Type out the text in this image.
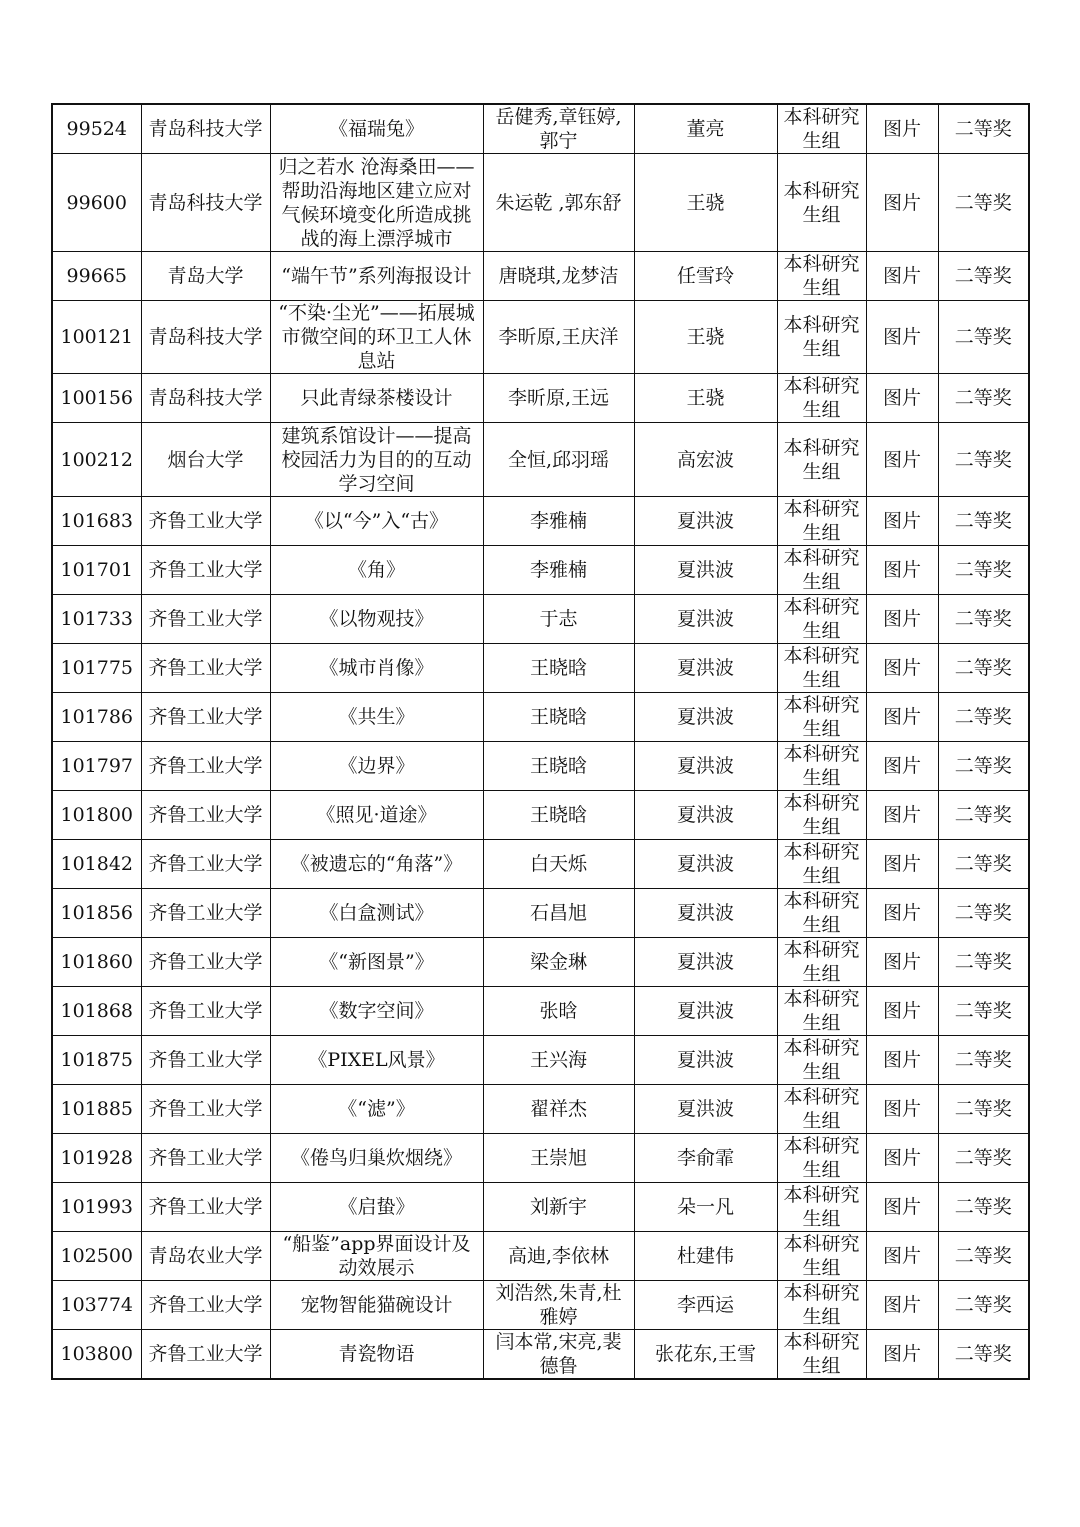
99524	青岛科技大学	《福瑞兔》	岳健秀,章钰婷,郭宁	董亮	本科研究生组	图片	二等奖
99600	青岛科技大学	归之若水 沧海桑田——帮助沿海地区建立应对气候环境变化所造成挑战的海上漂浮城市	朱运乾 ,郭东舒	王骁	本科研究生组	图片	二等奖
99665	青岛大学	“端午节”系列海报设计	唐晓琪,龙梦洁	任雪玲	本科研究生组	图片	二等奖
100121	青岛科技大学	“不染·尘光”——拓展城市微空间的环卫工人休息站	李昕原,王庆洋	王骁	本科研究生组	图片	二等奖
100156	青岛科技大学	只此青绿茶楼设计	李昕原,王远	王骁	本科研究生组	图片	二等奖
100212	烟台大学	建筑系馆设计——提高校园活力为目的的互动学习空间	全恒,邱羽瑶	高宏波	本科研究生组	图片	二等奖
101683	齐鲁工业大学	《以“今”入“古》	李雅楠	夏洪波	本科研究生组	图片	二等奖
101701	齐鲁工业大学	《角》	李雅楠	夏洪波	本科研究生组	图片	二等奖
101733	齐鲁工业大学	《以物观技》	于志	夏洪波	本科研究生组	图片	二等奖
101775	齐鲁工业大学	《城市肖像》	王晓晗	夏洪波	本科研究生组	图片	二等奖
101786	齐鲁工业大学	《共生》	王晓晗	夏洪波	本科研究生组	图片	二等奖
101797	齐鲁工业大学	《边界》	王晓晗	夏洪波	本科研究生组	图片	二等奖
101800	齐鲁工业大学	《照见·道途》	王晓晗	夏洪波	本科研究生组	图片	二等奖
101842	齐鲁工业大学	《被遗忘的“角落”》	白天烁	夏洪波	本科研究生组	图片	二等奖
101856	齐鲁工业大学	《白盒测试》	石昌旭	夏洪波	本科研究生组	图片	二等奖
101860	齐鲁工业大学	《“新图景”》	梁金琳	夏洪波	本科研究生组	图片	二等奖
101868	齐鲁工业大学	《数字空间》	张晗	夏洪波	本科研究生组	图片	二等奖
101875	齐鲁工业大学	《PIXEL风景》	王兴海	夏洪波	本科研究生组	图片	二等奖
101885	齐鲁工业大学	《“滤”》	翟祥杰	夏洪波	本科研究生组	图片	二等奖
101928	齐鲁工业大学	《倦鸟归巢炊烟绕》	王崇旭	李俞霏	本科研究生组	图片	二等奖
101993	齐鲁工业大学	《启蛰》	刘新宇	朵一凡	本科研究生组	图片	二等奖
102500	青岛农业大学	“船鉴”app界面设计及动效展示	高迪,李依林	杜建伟	本科研究生组	图片	二等奖
103774	齐鲁工业大学	宠物智能猫碗设计	刘浩然,朱青,杜雅婷	李西运	本科研究生组	图片	二等奖
103800	齐鲁工业大学	青瓷物语	闫本常,宋亮,裴德鲁	张花东,王雪	本科研究生组	图片	二等奖
